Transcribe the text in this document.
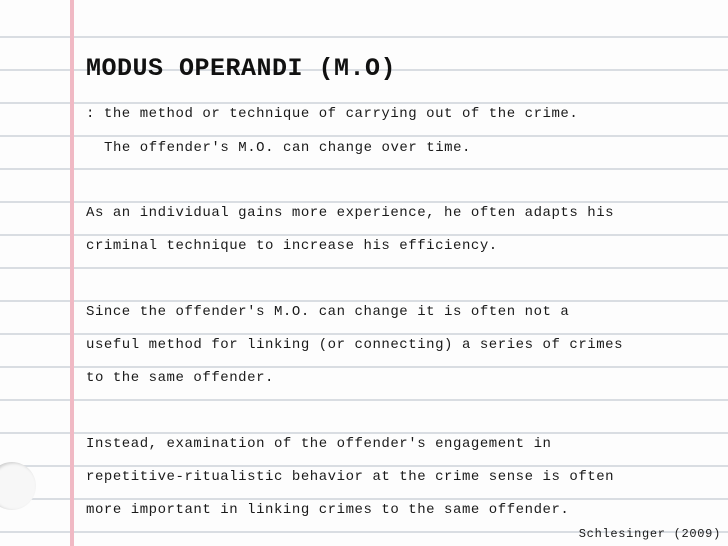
MODUS OPERANDI (M.O)

: the method or technique of carrying out of the crime.

The offender's M.O. can change over time.

As an individual gains more experience, he often adapts his

criminal technique to increase his efficiency.

Since the offender's M.O. can change it is often not a

useful method for linking (or connecting) a series of crimes

to the same offender.

Instead, examination of the offender's engagement in

repetitive-ritualistic behavior at the crime sense is often

more important in linking crimes to the same offender.

Schlesinger (2009)
